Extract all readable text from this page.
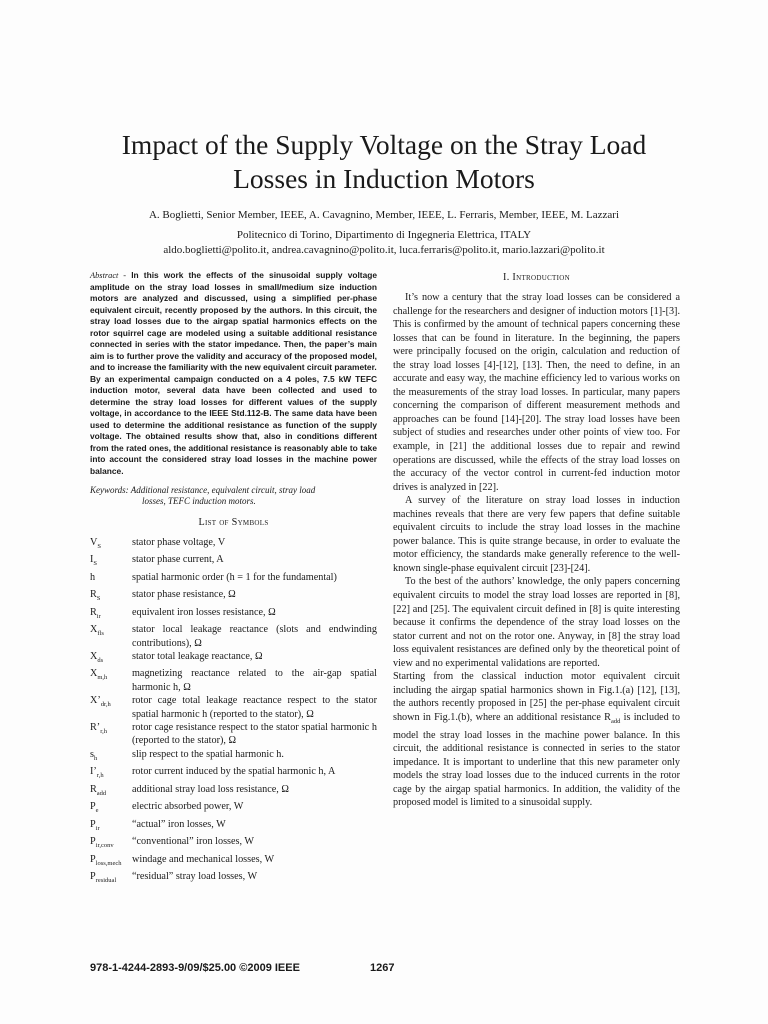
Impact of the Supply Voltage on the Stray Load
Losses in Induction Motors
A. Boglietti, Senior Member, IEEE, A. Cavagnino, Member, IEEE, L. Ferraris, Member, IEEE, M. Lazzari
Politecnico di Torino, Dipartimento di Ingegneria Elettrica, ITALY
aldo.boglietti@polito.it, andrea.cavagnino@polito.it, luca.ferraris@polito.it, mario.lazzari@polito.it

Abstract - In this work the effects of the sinusoidal supply voltage amplitude on the stray load losses in small/medium size induction motors are analyzed and discussed, using a simplified per-phase equivalent circuit, recently proposed by the authors. In this circuit, the stray load losses due to the airgap spatial harmonics effects on the rotor squirrel cage are modeled using a suitable additional resistance connected in series with the stator impedance. Then, the paper’s main aim is to further prove the validity and accuracy of the proposed model, and to increase the familiarity with the new equivalent circuit parameter.

By an experimental campaign conducted on a 4 poles, 7.5 kW TEFC induction motor, several data have been collected and used to determine the stray load losses for different values of the supply voltage, in accordance to the IEEE Std.112-B. The same data have been used to determine the additional resistance as function of the supply voltage. The obtained results show that, also in conditions different from the rated ones, the additional resistance is reasonably able to take into account the considered stray load losses in the machine power balance.

Keywords: Additional resistance, equivalent circuit, stray load
losses, TEFC induction motors.
List of Symbols
$V_S$	stator phase voltage, V
$I_S$	stator phase current, A
h	spatial harmonic order (h = 1 for the fundamental)
$R_S$	stator phase resistance, Ω
$R_{ir}$	equivalent iron losses resistance, Ω
$X_{fls}$	stator local leakage reactance (slots and endwinding contributions), Ω
$X_{ds}$	stator total leakage reactance, Ω
$X_{m,h}$	magnetizing reactance related to the air-gap spatial harmonic h, Ω
$X’_{dr,h}$	rotor cage total leakage reactance respect to the stator spatial harmonic h (reported to the stator), Ω
$R’_{r,h}$	rotor cage resistance respect to the stator spatial harmonic h (reported to the stator), Ω
$s_h$	slip respect to the spatial harmonic h.
$I’_{r,h}$	rotor current induced by the spatial harmonic h, A
$R_{add}$	additional stray load loss resistance, Ω
$P_e$	electric absorbed power, W
$P_{ir}$	“actual” iron losses, W
$P_{ir,conv}$	“conventional” iron losses, W
$P_{loss,mech}$	windage and mechanical losses, W
$P_{residual}$	“residual” stray load losses, W
I. Introduction

It’s now a century that the stray load losses can be considered a challenge for the researchers and designer of induction motors [1]-[3]. This is confirmed by the amount of technical papers concerning these losses that can be found in literature. In the beginning, the papers were principally focused on the origin, calculation and reduction of the stray load losses [4]-[12], [13]. Then, the need to define, in an accurate and easy way, the machine efficiency led to various works on the measurements of the stray load losses. In particular, many papers concerning the comparison of different measurement methods and approaches can be found [14]-[20]. The stray load losses have been subject of studies and researches under other points of view too. For example, in [21] the additional losses due to repair and rewind operations are discussed, while the effects of the stray load losses on the accuracy of the vector control in current-fed induction motor drives is analyzed in [22].

A survey of the literature on stray load losses in induction machines reveals that there are very few papers that define suitable equivalent circuits to include the stray load losses in the machine power balance. This is quite strange because, in order to evaluate the motor efficiency, the standards make generally reference to the well-known single-phase equivalent circuit [23]-[24].

To the best of the authors’ knowledge, the only papers concerning equivalent circuits to model the stray load losses are reported in [8], [22] and [25]. The equivalent circuit defined in [8] is quite interesting because it confirms the dependence of the stray load losses on the stator current and not on the rotor one. Anyway, in [8] the stray load loss equivalent resistances are defined only by the theoretical point of view and no experimental validations are reported.

Starting from the classical induction motor equivalent circuit including the airgap spatial harmonics shown in Fig.1.(a) [12], [13], the authors recently proposed in [25] the per-phase equivalent circuit shown in Fig.1.(b), where an additional resistance $R_{add}$ is included to model the stray load losses in the machine power balance. In this circuit, the additional resistance is connected in series to the stator impedance. It is important to underline that this new parameter only models the stray load losses due to the induced currents in the rotor cage by the airgap spatial harmonics. In addition, the validity of the proposed model is limited to a sinusoidal supply.

978-1-4244-2893-9/09/$25.00 ©2009 IEEE	1267
